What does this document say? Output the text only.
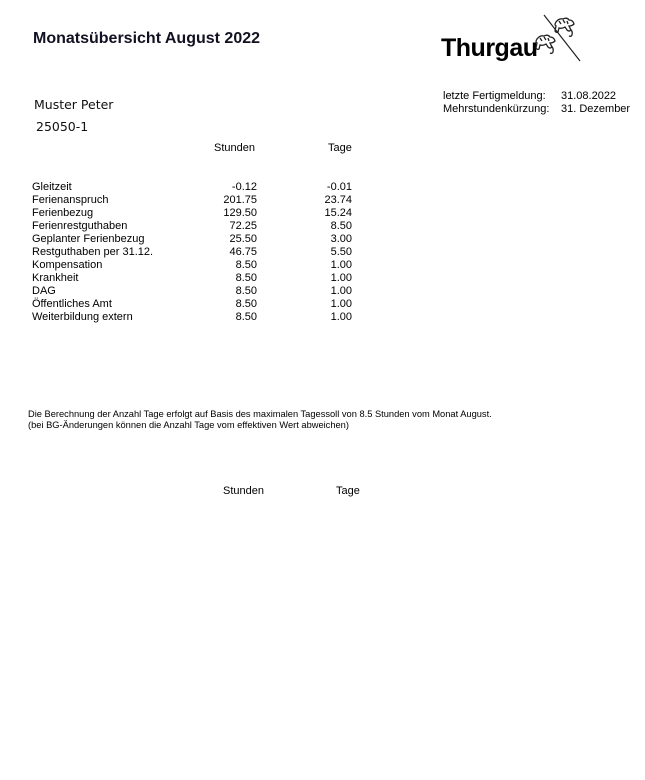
Monatsübersicht August 2022	Thurgau
Muster Peter
25050-1
letzte Fertigmeldung:	31.08.2022
Mehrstundenkürzung:	31. Dezember
Stunden	Tage
Gleitzeit	-0.12	-0.01
Ferienanspruch	201.75	23.74
Ferienbezug	129.50	15.24
Ferienrestguthaben	72.25	8.50
Geplanter Ferienbezug	25.50	3.00
Restguthaben per 31.12.	46.75	5.50
Kompensation	8.50	1.00
Krankheit	8.50	1.00
DAG	8.50	1.00
Öffentliches Amt	8.50	1.00
Weiterbildung extern	8.50	1.00
Die Berechnung der Anzahl Tage erfolgt auf Basis des maximalen Tagessoll von 8.5 Stunden vom Monat August.
(bei BG-Änderungen können die Anzahl Tage vom effektiven Wert abweichen)
Stunden	Tage
